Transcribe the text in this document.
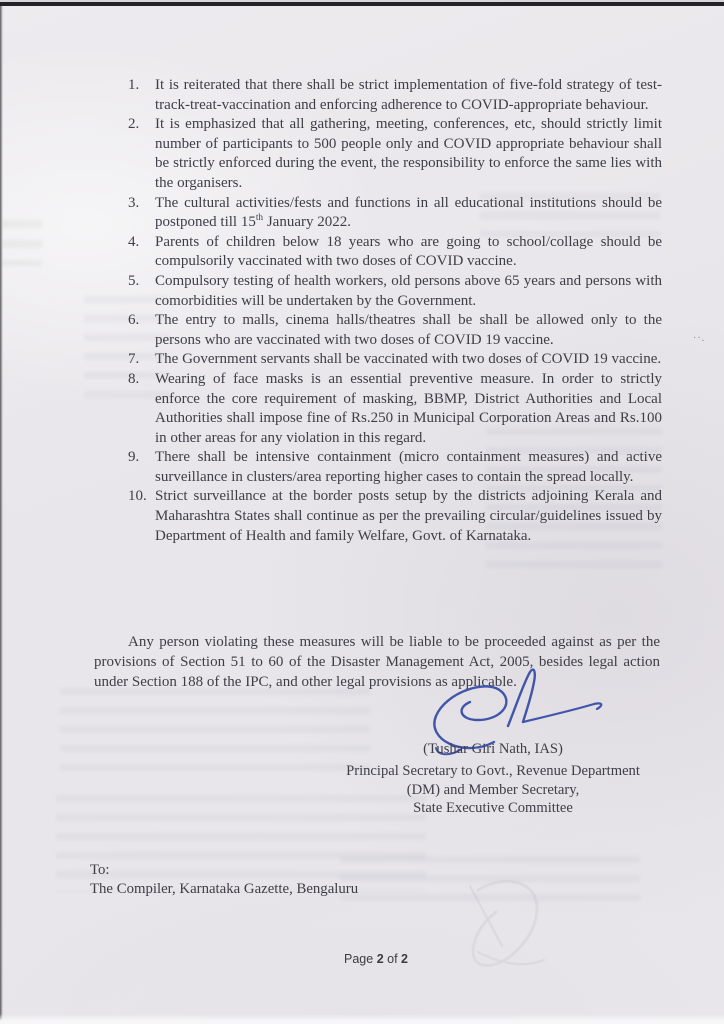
··.
1.	It is reiterated that there shall be strict implementation of five-fold strategy of test-track-treat-vaccination and enforcing adherence to COVID-appropriate behaviour.
2.	It is emphasized that all gathering, meeting, conferences, etc, should strictly limit number of participants to 500 people only and COVID appropriate behaviour shall be strictly enforced during the event, the responsibility to enforce the same lies with the organisers.
3.	The cultural activities/fests and functions in all educational institutions should be postponed till 15th January 2022.
4.	Parents of children below 18 years who are going to school/collage should be compulsorily vaccinated with two doses of COVID vaccine.
5.	Compulsory testing of health workers, old persons above 65 years and persons with comorbidities will be undertaken by the Government.
6.	The entry to malls, cinema halls/theatres shall be shall be allowed only to the persons who are vaccinated with two doses of COVID 19 vaccine.
7.	The Government servants shall be vaccinated with two doses of COVID 19 vaccine.
8.	Wearing of face masks is an essential preventive measure. In order to strictly enforce the core requirement of masking, BBMP, District Authorities and Local Authorities shall impose fine of Rs.250 in Municipal Corporation Areas and Rs.100 in other areas for any violation in this regard.
9.	There shall be intensive containment (micro containment measures) and active surveillance in clusters/area reporting higher cases to contain the spread locally.
10. Strict surveillance at the border posts setup by the districts adjoining Kerala and Maharashtra States shall continue as per the prevailing circular/guidelines issued by Department of Health and family Welfare, Govt. of Karnataka.

Any person violating these measures will be liable to be proceeded against as per the provisions of Section 51 to 60 of the Disaster Management Act, 2005, besides legal action under Section 188 of the IPC, and other legal provisions as applicable.

(Tushar Giri Nath, IAS)
Principal Secretary to Govt., Revenue Department
(DM) and Member Secretary,
State Executive Committee
To:
The Compiler, Karnataka Gazette, Bengaluru
Page 2 of 2
